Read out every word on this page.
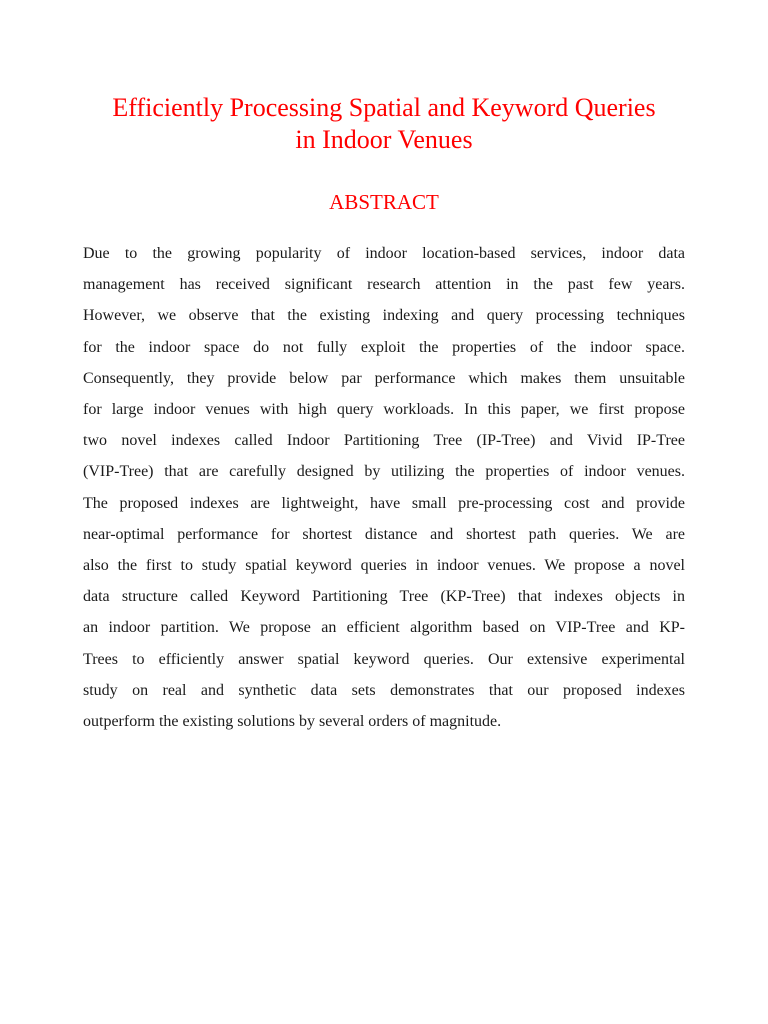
Efficiently Processing Spatial and Keyword Queries
in Indoor Venues
ABSTRACT
Due to the growing popularity of indoor location-based services, indoor data
management has received significant research attention in the past few years.
However, we observe that the existing indexing and query processing techniques
for the indoor space do not fully exploit the properties of the indoor space.
Consequently, they provide below par performance which makes them unsuitable
for large indoor venues with high query workloads. In this paper, we first propose
two novel indexes called Indoor Partitioning Tree (IP-Tree) and Vivid IP-Tree
(VIP-Tree) that are carefully designed by utilizing the properties of indoor venues.
The proposed indexes are lightweight, have small pre-processing cost and provide
near-optimal performance for shortest distance and shortest path queries. We are
also the first to study spatial keyword queries in indoor venues. We propose a novel
data structure called Keyword Partitioning Tree (KP-Tree) that indexes objects in
an indoor partition. We propose an efficient algorithm based on VIP-Tree and KP-
Trees to efficiently answer spatial keyword queries. Our extensive experimental
study on real and synthetic data sets demonstrates that our proposed indexes
outperform the existing solutions by several orders of magnitude.
